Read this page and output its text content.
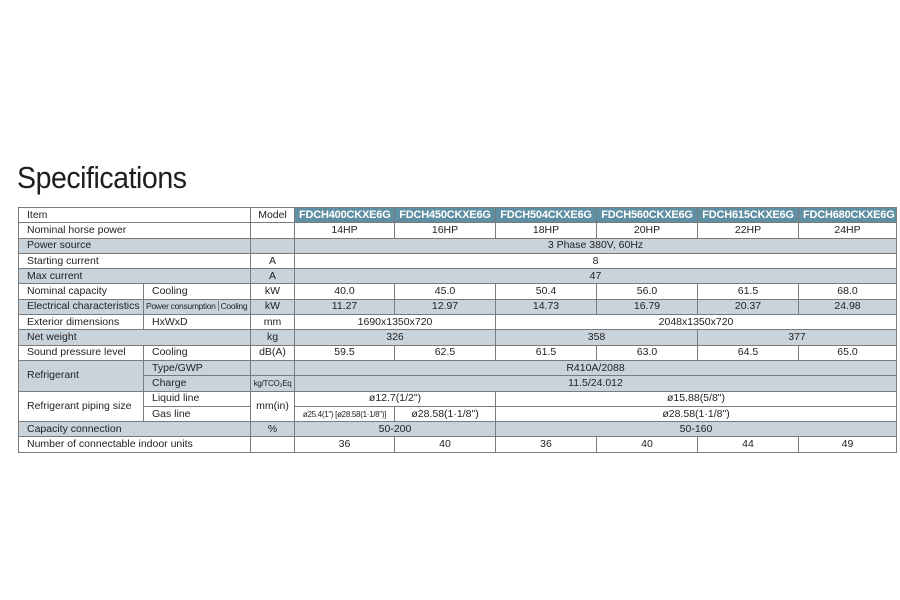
Specifications
Item		Model	FDCH400CKXE6G	FDCH450CKXE6G	FDCH504CKXE6G	FDCH560CKXE6G	FDCH615CKXE6G	FDCH680CKXE6G
Nominal horse power			14HP	16HP	18HP	20HP	22HP	24HP
Power source			3 Phase 380V, 60Hz					
Starting current		A	8					
Max current		A	47					
Nominal capacity	Cooling	kW	40.0	45.0	50.4	56.0	61.5	68.0
Electrical characteristics	Power consumption Cooling	kW	11.27	12.97	14.73	16.79	20.37	24.98
Exterior dimensions	HxWxD	mm	1690x1350x720		2048x1350x720			
Net weight		kg	326		358		377	
Sound pressure level	Cooling	dB(A)	59.5	62.5	61.5	63.0	64.5	65.0
Refrigerant	Type/GWP		R410A/2088					
	Charge	kg/TCO₂Eq	11.5/24.012					
Refrigerant piping size	Liquid line	mm(in)	ø12.7(1/2")		ø15.88(5/8")			
	Gas line		ø25.4(1") [ø28.58(1·1/8")]	ø28.58(1·1/8")	ø28.58(1·1/8")			
Capacity connection		%	50-200		50-160			
Number of connectable indoor units			36	40	36	40	44	49
